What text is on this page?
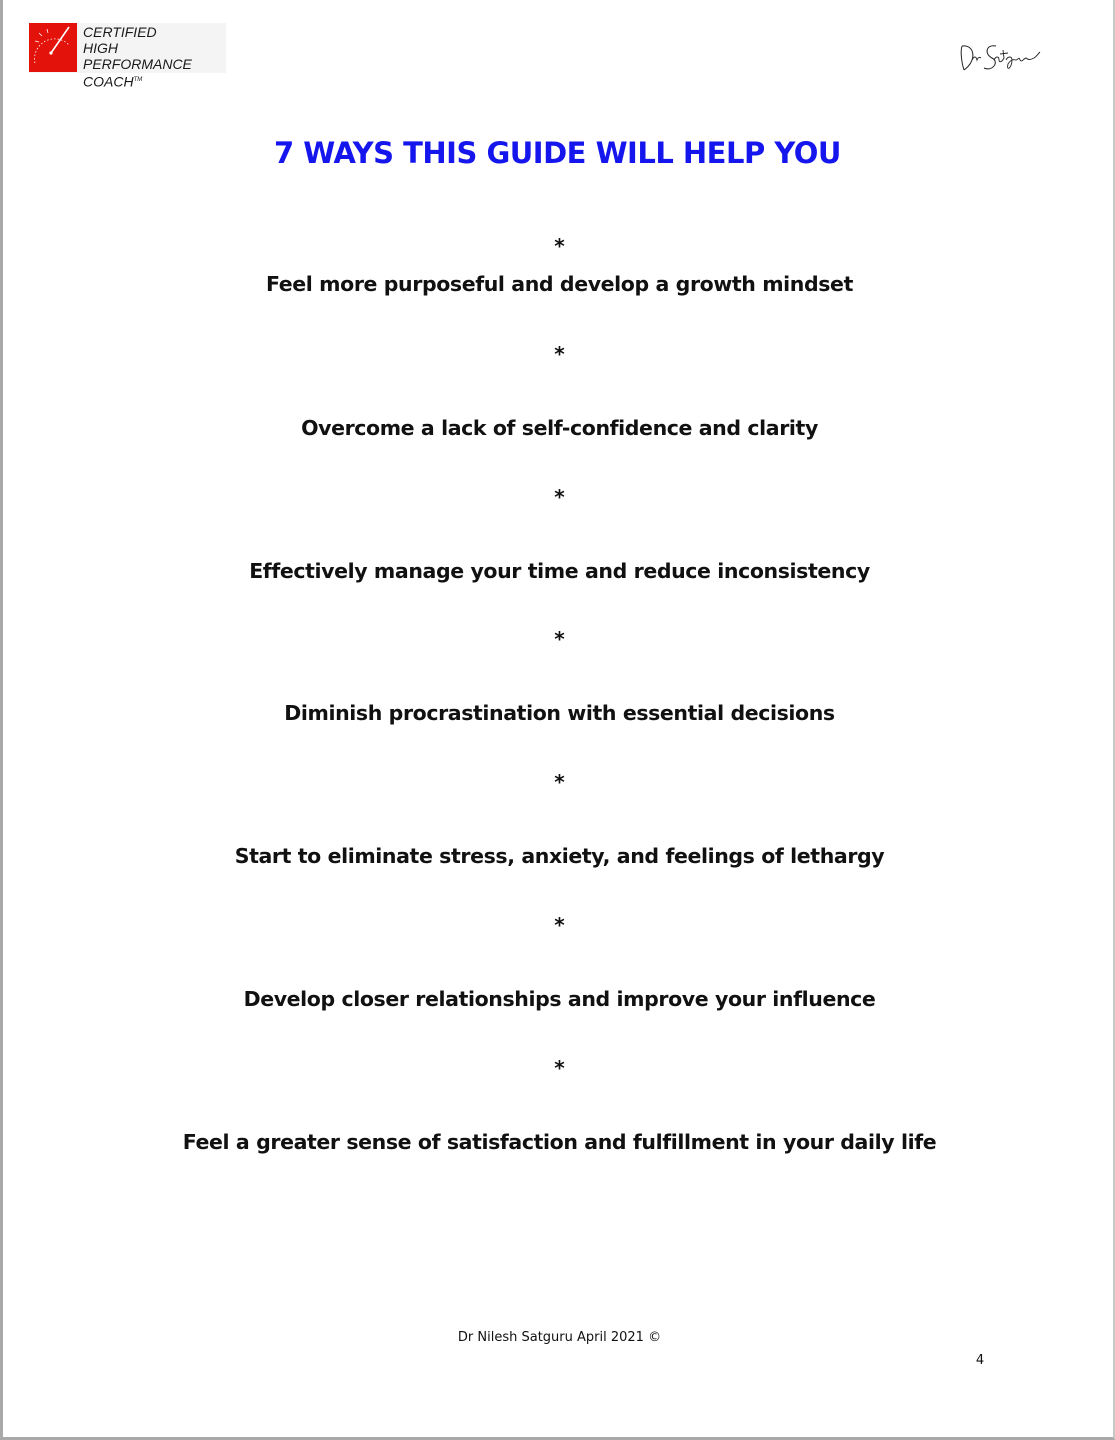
CERTIFIED
HIGH PERFORMANCE
COACH™
7 WAYS THIS GUIDE WILL HELP YOU
*
Feel more purposeful and develop a growth mindset
*
Overcome a lack of self-confidence and clarity
*
Effectively manage your time and reduce inconsistency
*
Diminish procrastination with essential decisions
*
Start to eliminate stress, anxiety, and feelings of lethargy
*
Develop closer relationships and improve your influence
*
Feel a greater sense of satisfaction and fulfillment in your daily life
Dr Nilesh Satguru April 2021 ©
4
